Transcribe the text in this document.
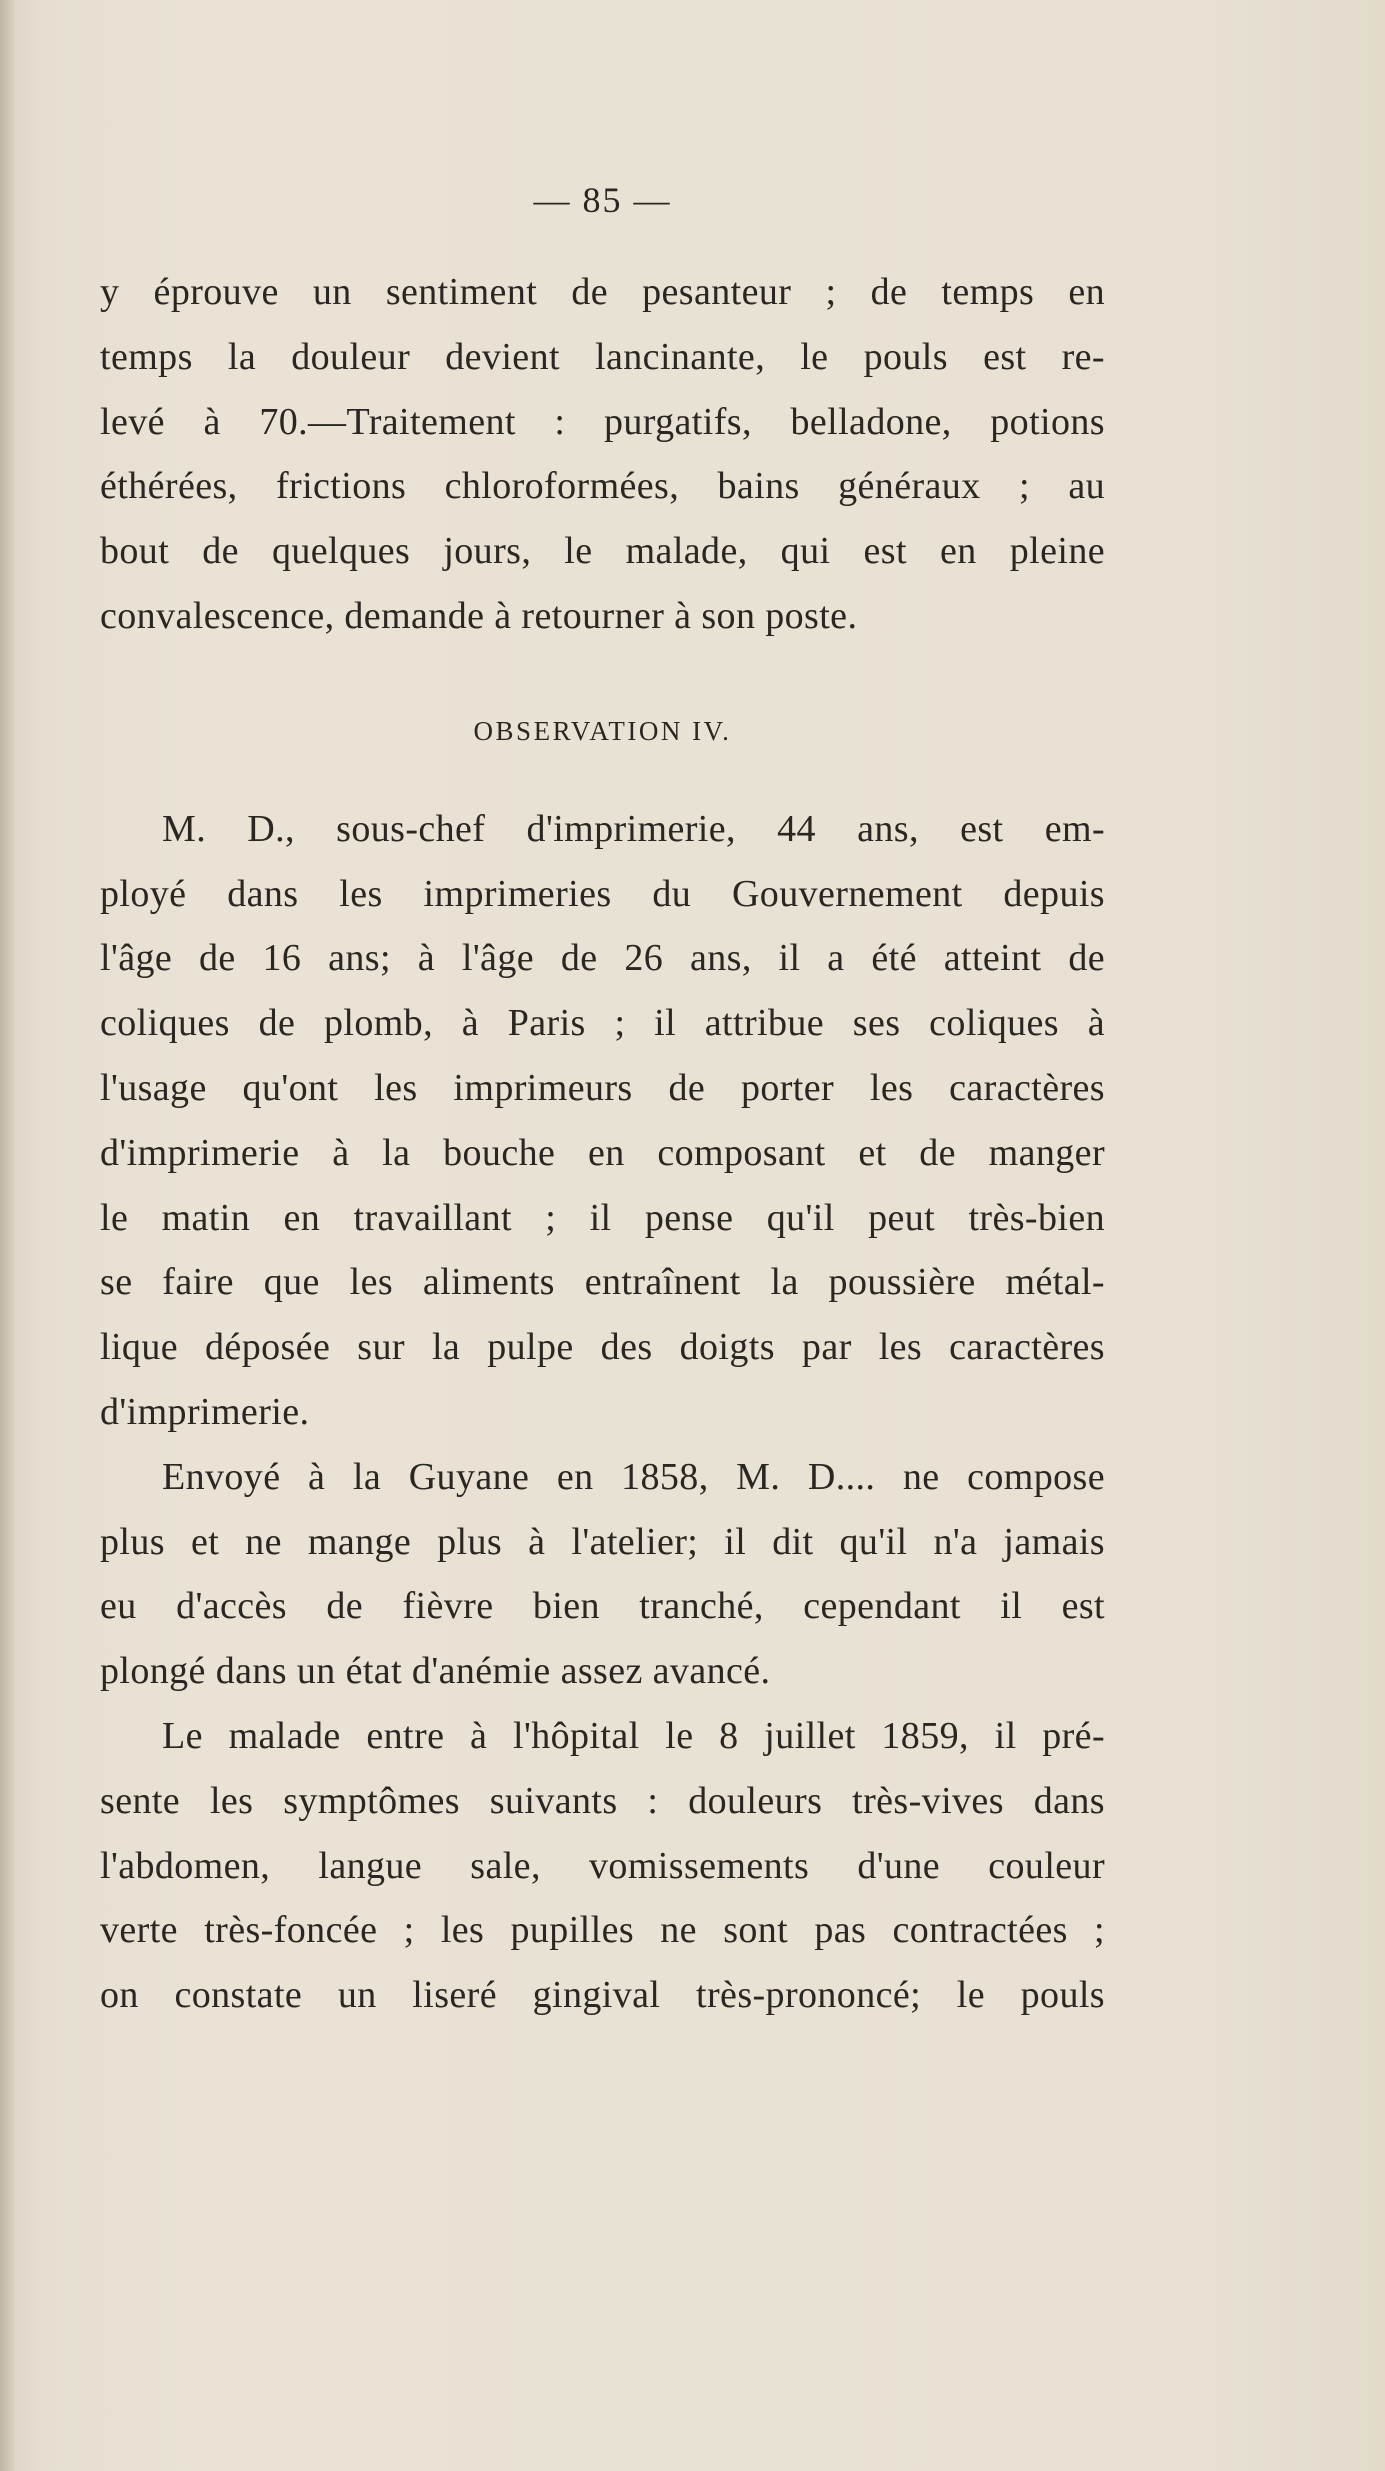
— 85 —
y éprouve un sentiment de pesanteur ; de temps en
temps la douleur devient lancinante, le pouls est re-
levé à 70.—Traitement : purgatifs, belladone, potions
éthérées, frictions chloroformées, bains généraux ; au
bout de quelques jours, le malade, qui est en pleine
convalescence, demande à retourner à son poste.
OBSERVATION IV.
M. D., sous-chef d'imprimerie, 44 ans, est em-
ployé dans les imprimeries du Gouvernement depuis
l'âge de 16 ans; à l'âge de 26 ans, il a été atteint de
coliques de plomb, à Paris ; il attribue ses coliques à
l'usage qu'ont les imprimeurs de porter les caractères
d'imprimerie à la bouche en composant et de manger
le matin en travaillant ; il pense qu'il peut très-bien
se faire que les aliments entraînent la poussière métal-
lique déposée sur la pulpe des doigts par les caractères
d'imprimerie.
Envoyé à la Guyane en 1858, M. D.... ne compose
plus et ne mange plus à l'atelier; il dit qu'il n'a jamais
eu d'accès de fièvre bien tranché, cependant il est
plongé dans un état d'anémie assez avancé.
Le malade entre à l'hôpital le 8 juillet 1859, il pré-
sente les symptômes suivants : douleurs très-vives dans
l'abdomen, langue sale, vomissements d'une couleur
verte très-foncée ; les pupilles ne sont pas contractées ;
on constate un liseré gingival très-prononcé; le pouls
